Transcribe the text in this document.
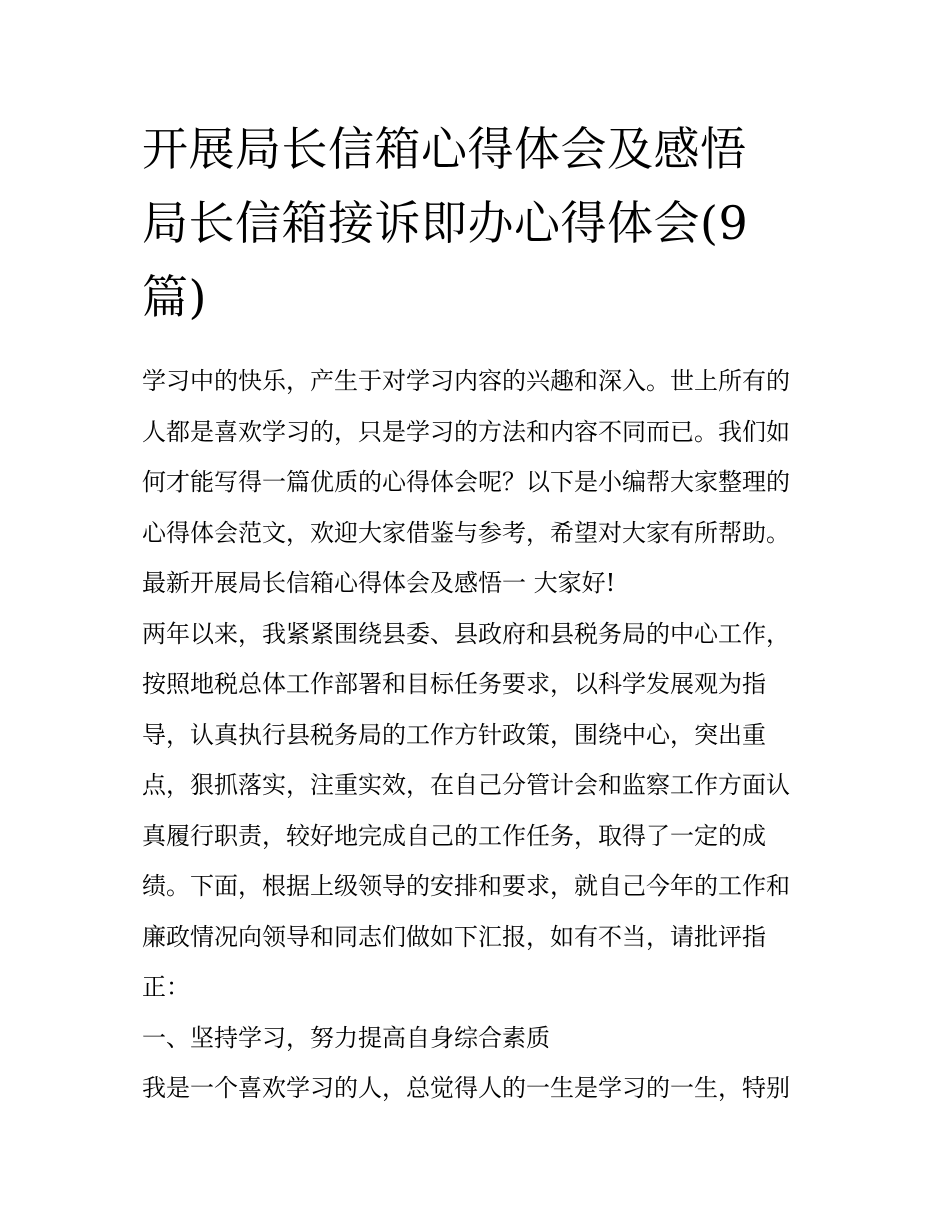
开展局长信箱心得体会及感悟
局长信箱接诉即办心得体会(9
篇)
学习中的快乐，产生于对学习内容的兴趣和深入。世上所有的
人都是喜欢学习的，只是学习的方法和内容不同而已。我们如
何才能写得一篇优质的心得体会呢？以下是小编帮大家整理的
心得体会范文，欢迎大家借鉴与参考，希望对大家有所帮助。
最新开展局长信箱心得体会及感悟一 大家好!
两年以来，我紧紧围绕县委、县政府和县税务局的中心工作，
按照地税总体工作部署和目标任务要求，以科学发展观为指
导，认真执行县税务局的工作方针政策，围绕中心，突出重
点，狠抓落实，注重实效，在自己分管计会和监察工作方面认
真履行职责，较好地完成自己的工作任务，取得了一定的成
绩。下面，根据上级领导的安排和要求，就自己今年的工作和
廉政情况向领导和同志们做如下汇报，如有不当，请批评指
正：
一、坚持学习，努力提高自身综合素质
我是一个喜欢学习的人，总觉得人的一生是学习的一生，特别
